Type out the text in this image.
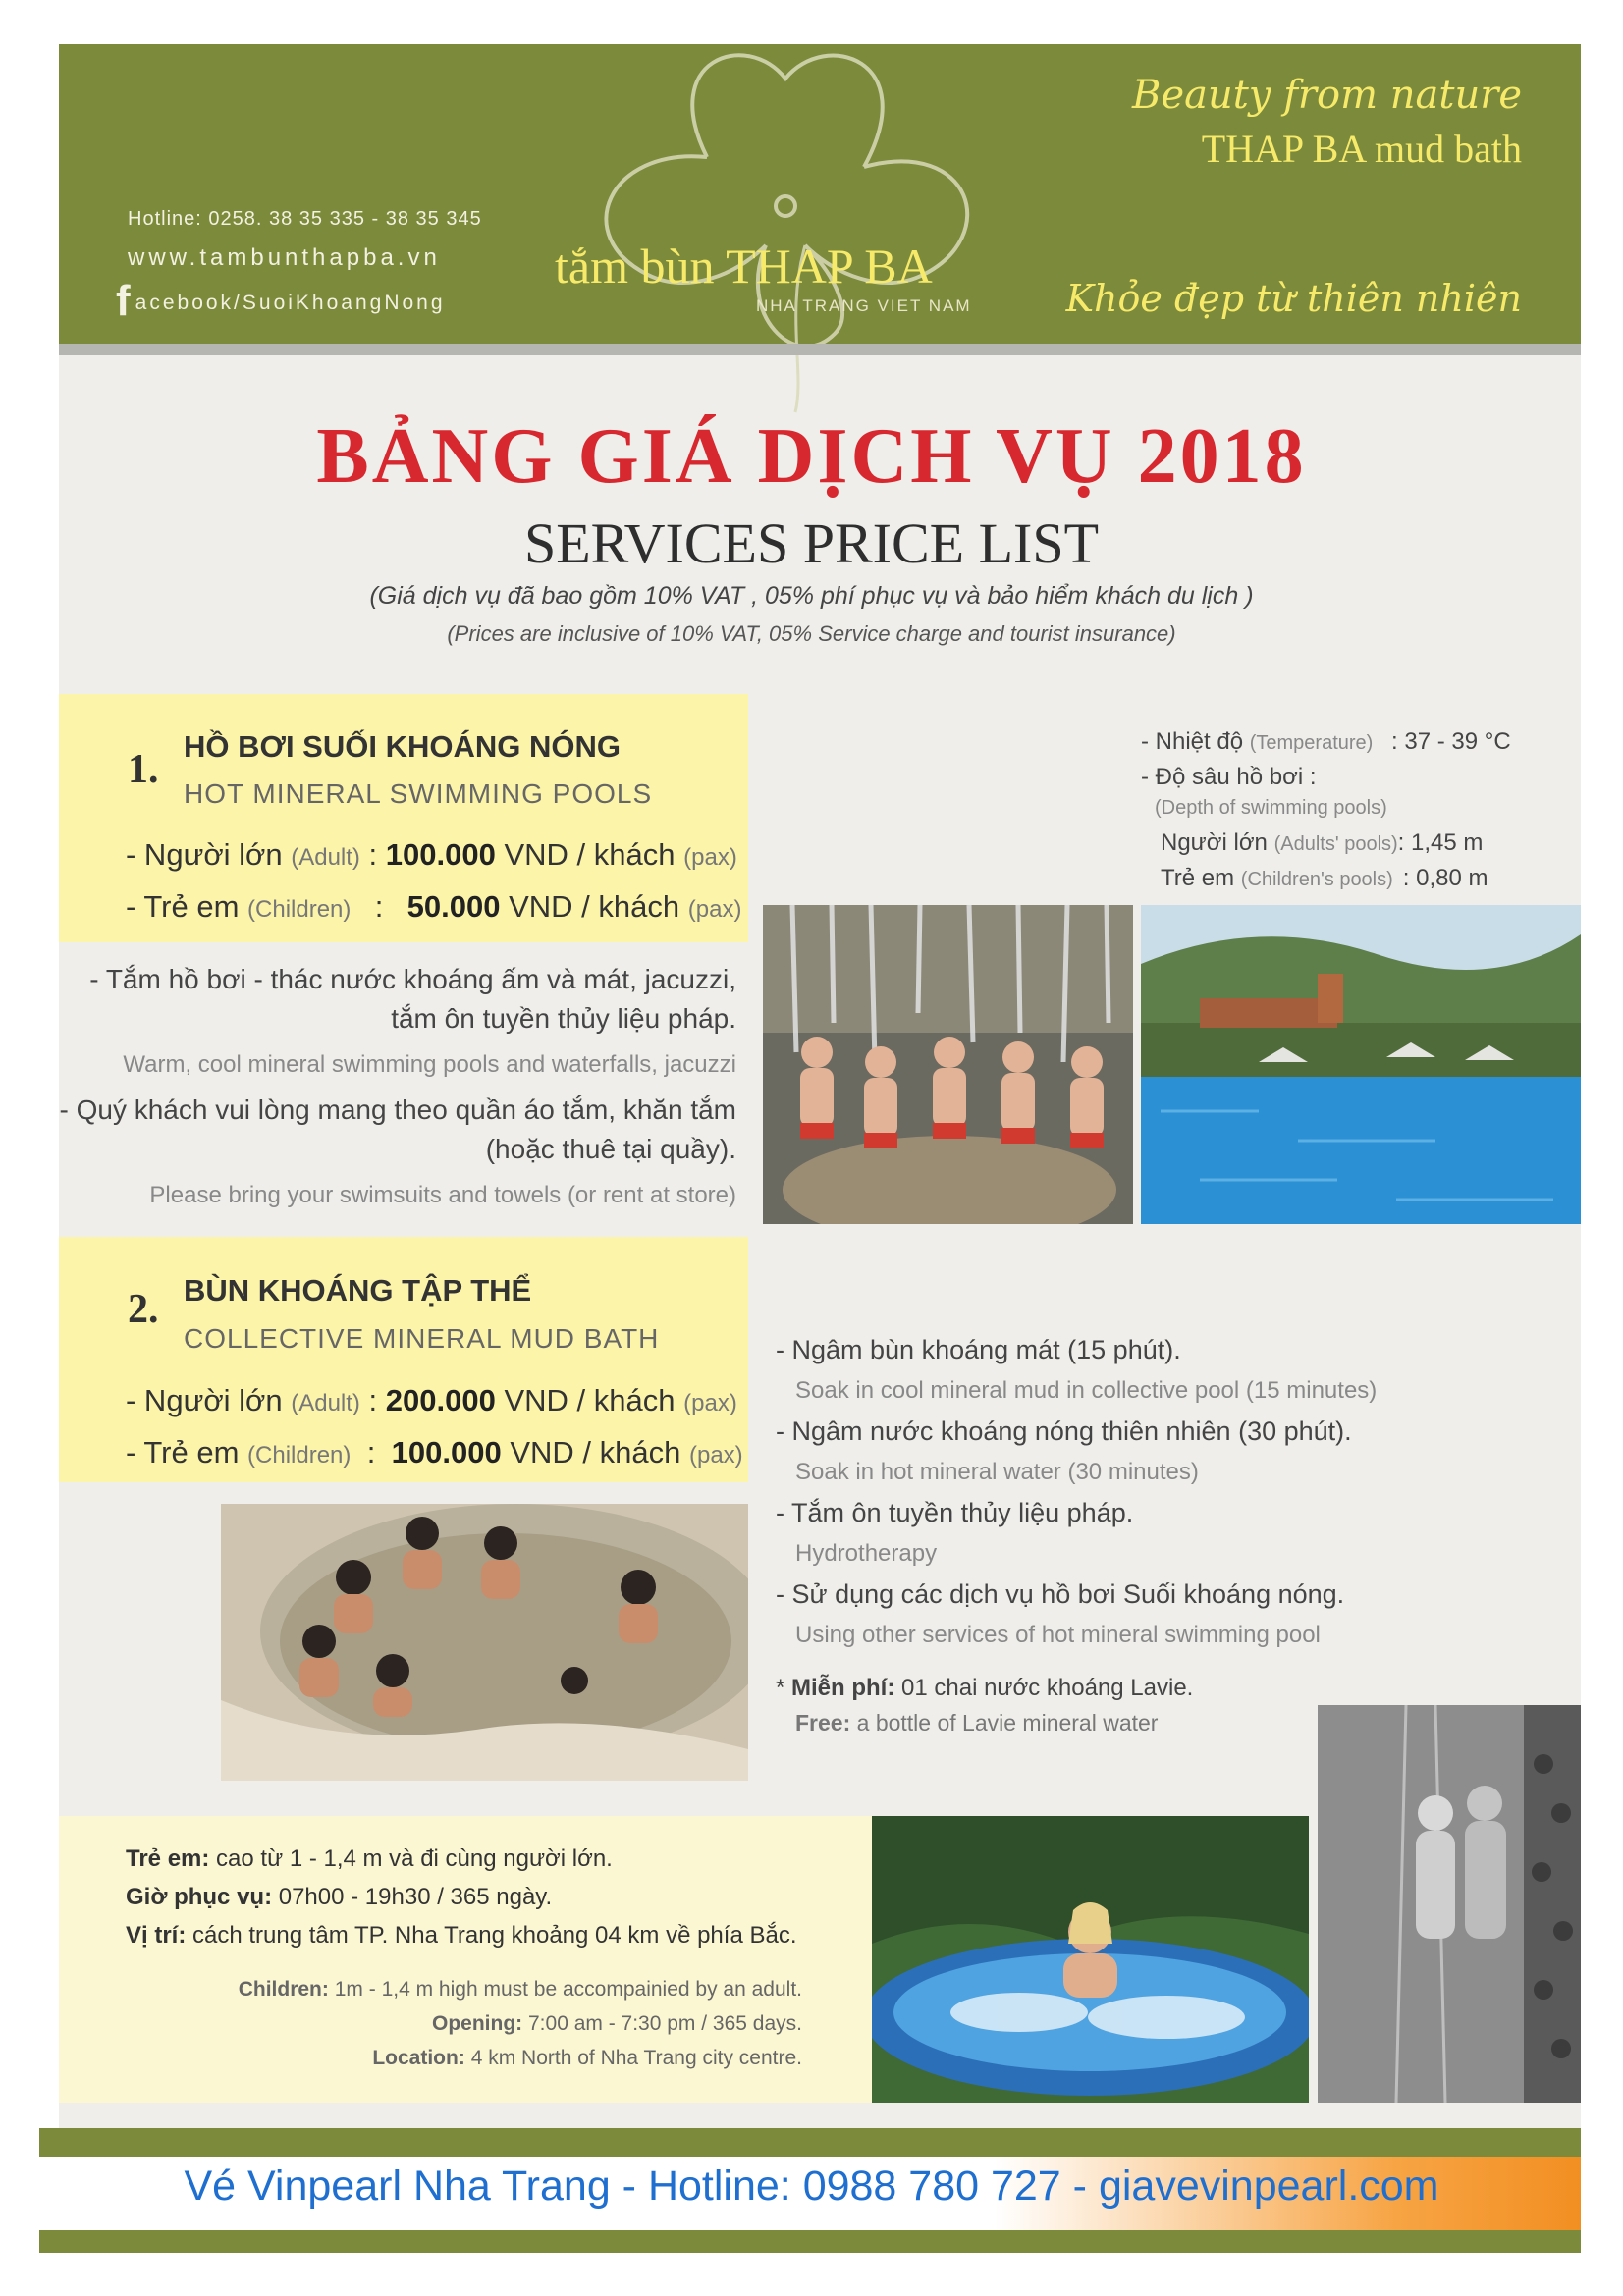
Hotline: 0258. 38 35 335 - 38 35 345
www.tambunthapba.vn
facebook/SuoiKhoangNong
tắm bùn THAP BA
NHA TRANG VIET NAM
Beauty from nature
THAP BA mud bath
Khỏe đẹp từ thiên nhiên
BẢNG GIÁ DỊCH VỤ 2018
SERVICES PRICE LIST
(Giá dịch vụ đã bao gồm 10% VAT , 05% phí phục vụ và bảo hiểm khách du lịch )
(Prices are inclusive of 10% VAT, 05% Service charge and tourist insurance)
1.
HỒ BƠI SUỐI KHOÁNG NÓNG
HOT MINERAL SWIMMING POOLS
- Người lớn (Adult) : 100.000 VND / khách (pax)
- Trẻ em (Children) : 50.000 VND / khách (pax)
- Tắm hồ bơi - thác nước khoáng ấm và mát, jacuzzi,
tắm ôn tuyền thủy liệu pháp.
Warm, cool mineral swimming pools and waterfalls, jacuzzi
- Quý khách vui lòng mang theo quần áo tắm, khăn tắm
(hoặc thuê tại quầy).
Please bring your swimsuits and towels (or rent at store)
- Nhiệt độ (Temperature) : 37 - 39 °C
- Độ sâu hồ bơi :
(Depth of swimming pools)
Người lớn (Adults' pools): 1,45 m
Trẻ em (Children's pools) : 0,80 m
2. BÙN KHOÁNG TẬP THỂ
COLLECTIVE MINERAL MUD BATH
- Người lớn (Adult) : 200.000 VND / khách (pax)
- Trẻ em (Children) : 100.000 VND / khách (pax)
- Ngâm bùn khoáng mát (15 phút).
Soak in cool mineral mud in collective pool (15 minutes)
- Ngâm nước khoáng nóng thiên nhiên (30 phút).
Soak in hot mineral water (30 minutes)
- Tắm ôn tuyền thủy liệu pháp.
Hydrotherapy
- Sử dụng các dịch vụ hồ bơi Suối khoáng nóng.
Using other services of hot mineral swimming pool
* Miễn phí: 01 chai nước khoáng Lavie.
Free: a bottle of Lavie mineral water
Trẻ em: cao từ 1 - 1,4 m và đi cùng người lớn.
Giờ phục vụ: 07h00 - 19h30 / 365 ngày.
Vị trí: cách trung tâm TP. Nha Trang khoảng 04 km về phía Bắc.
Children: 1m - 1,4 m high must be accompainied by an adult.
Opening: 7:00 am - 7:30 pm / 365 days.
Location: 4 km North of Nha Trang city centre.
Vé Vinpearl Nha Trang - Hotline: 0988 780 727 - giavevinpearl.com
